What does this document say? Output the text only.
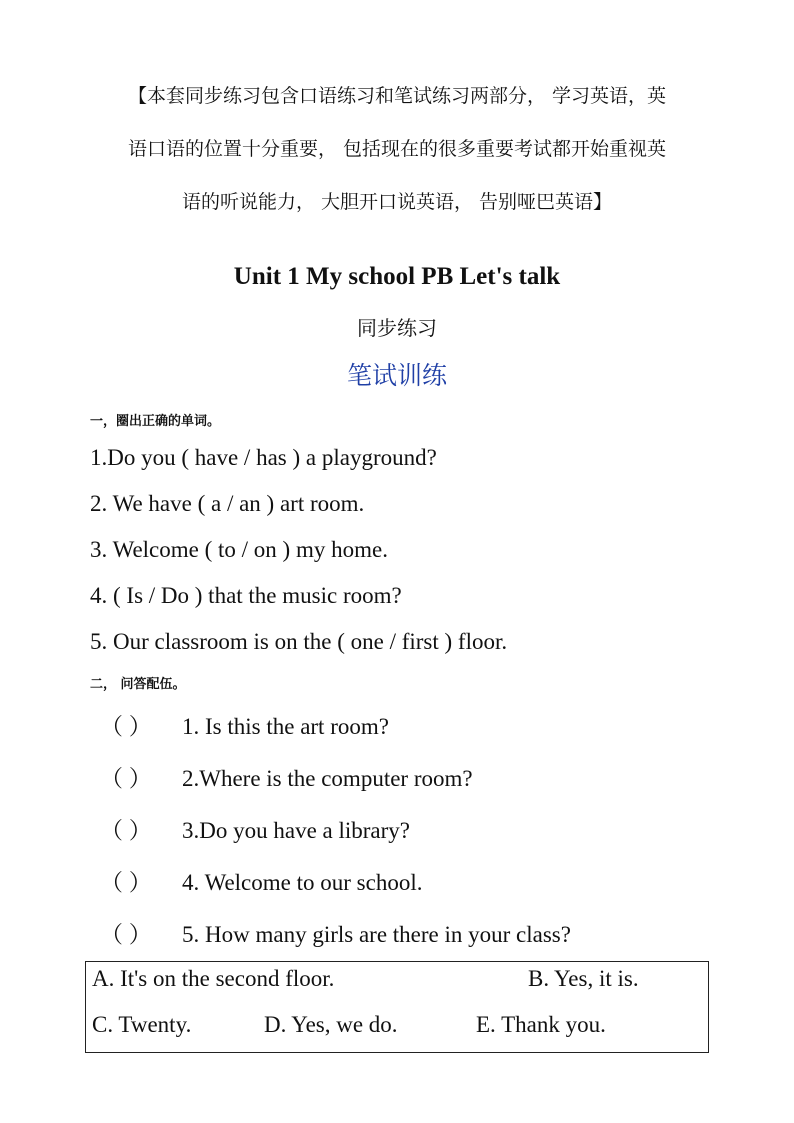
【本套同步练习包含口语练习和笔试练习两部分， 学习英语，英
语口语的位置十分重要， 包括现在的很多重要考试都开始重视英
语的听说能力， 大胆开口说英语， 告别哑巴英语】
Unit 1 My school PB Let's talk
同步练习
笔试训练
一，圈出正确的单词。
1.Do you ( have / has ) a playground?
2. We have ( a / an ) art room.
3. Welcome ( to / on ) my home.
4. ( Is / Do ) that the music room?
5. Our classroom is on the ( one / first ) floor.
二， 问答配伍。
（ ） 1. Is this the art room?
（ ） 2.Where is the computer room?
（ ） 3.Do you have a library?
（ ） 4. Welcome to our school.
（ ） 5. How many girls are there in your class?
A. It's on the second floor.	B. Yes, it is.
C. Twenty.	D. Yes, we do.	E. Thank you.
